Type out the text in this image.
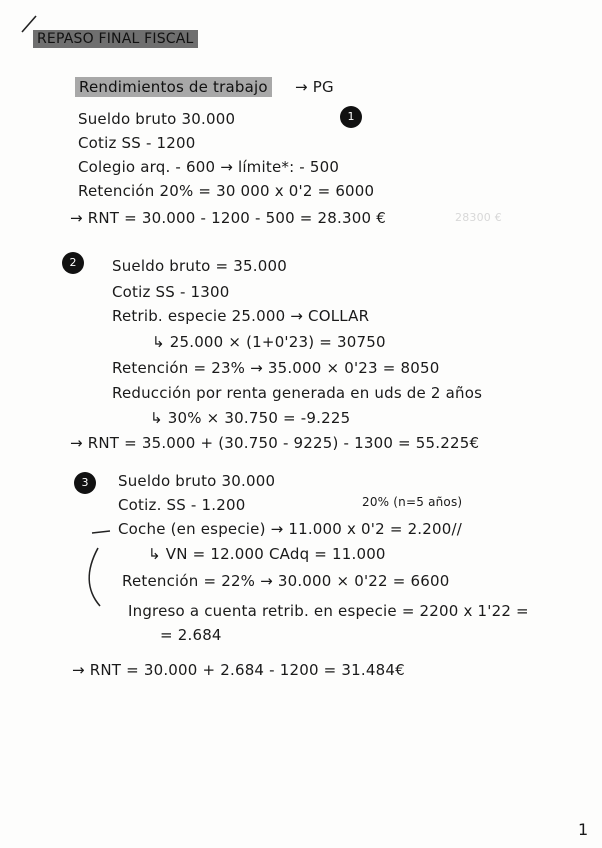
REPASO FINAL FISCAL
Rendimientos de trabajo → PG
1
Sueldo bruto 30.000
Cotiz SS - 1200
Colegio arq. - 600 → límite*: - 500
Retención 20% = 30 000 x 0'2 = 6000
→ RNT = 30.000 - 1200 - 500 = 28.300 €	28300 €
2	Sueldo bruto = 35.000
Cotiz SS - 1300
Retrib. especie 25.000 → COLLAR
↳ 25.000 × (1+0'23) = 30750
Retención = 23% → 35.000 × 0'23 = 8050
Reducción por renta generada en uds de 2 años
↳ 30% × 30.750 = -9.225
→ RNT = 35.000 + (30.750 - 9225) - 1300 = 55.225€
3	Sueldo bruto 30.000
Cotiz. SS - 1.200	20% (n=5 años)
Coche (en especie) → 11.000 x 0'2 = 2.200//
↳ VN = 12.000 CAdq = 11.000
Retención = 22% → 30.000 × 0'22 = 6600
Ingreso a cuenta retrib. en especie = 2200 x 1'22 =
= 2.684
→ RNT = 30.000 + 2.684 - 1200 = 31.484€
1
